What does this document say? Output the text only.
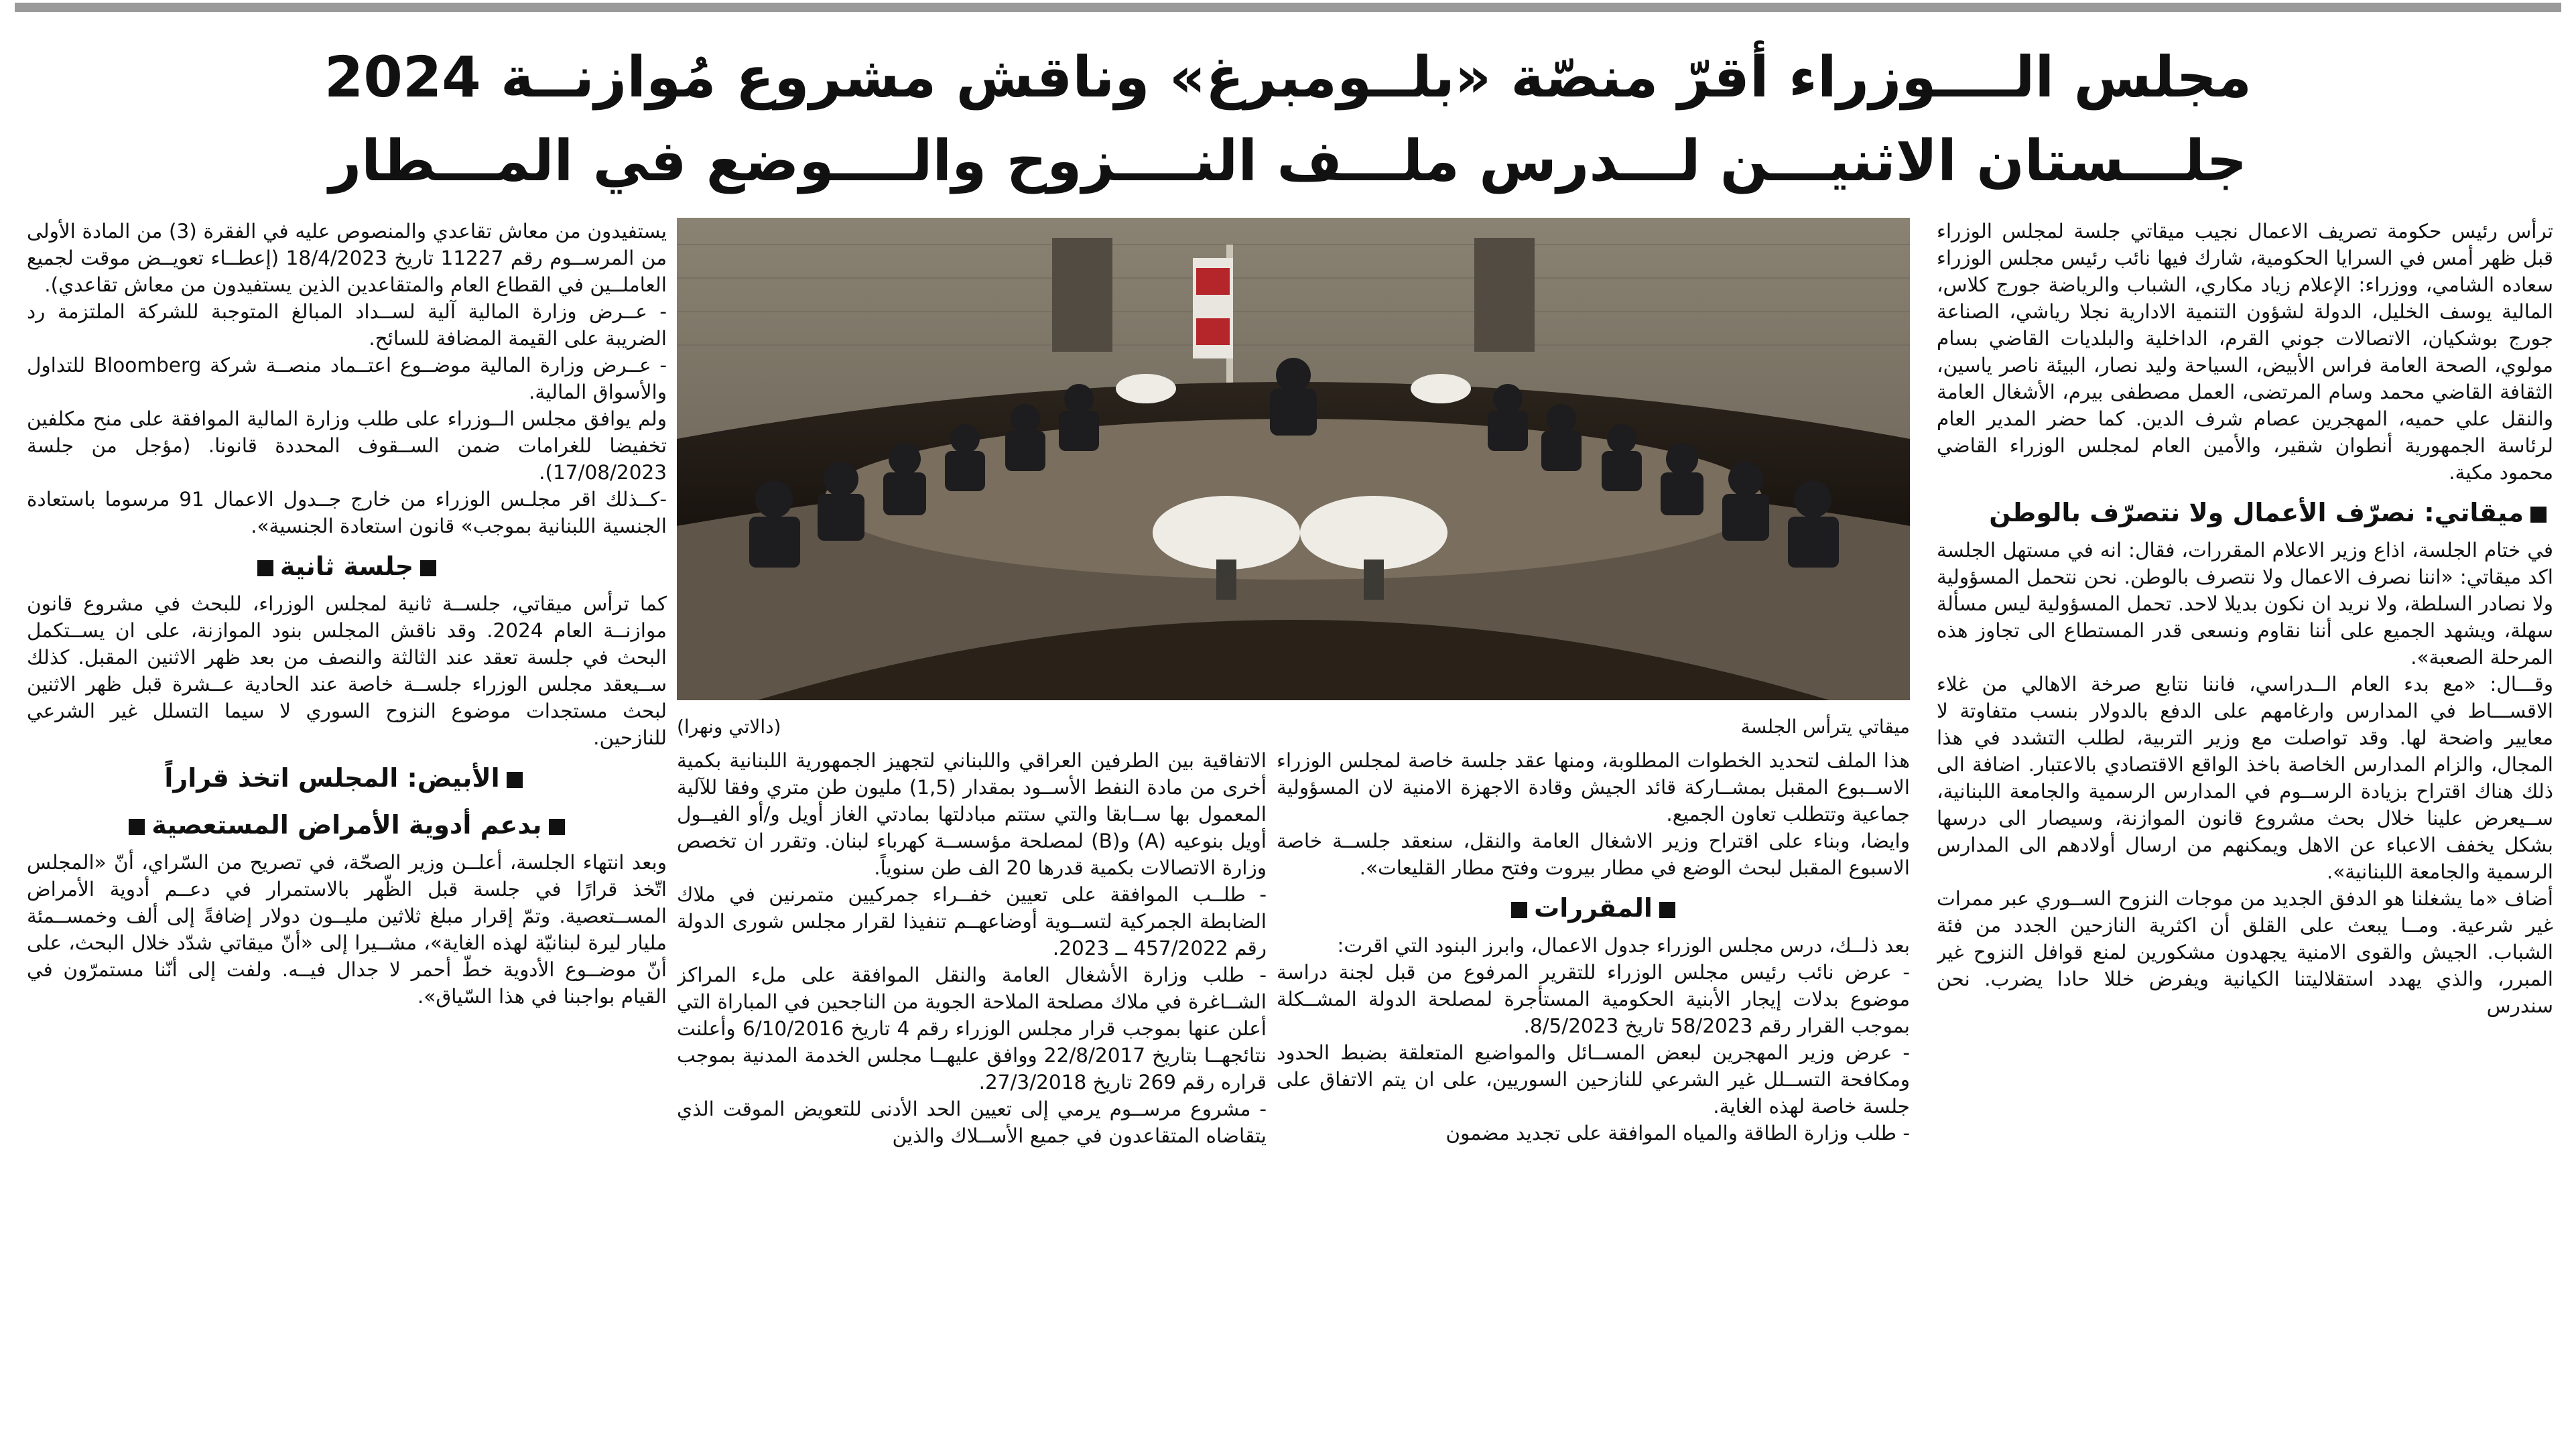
مجلس الــــوزراء أقرّ منصّة «بلــومبرغ» وناقش مشروع مُوازنــة 2024
جلـــستان الاثنيـــن لـــدرس ملـــف النــــزوح والــــوضع في المـــطار

ترأس رئيس حكومة تصريف الاعمال نجيب ميقاتي جلسة لمجلس الوزراء قبل ظهر أمس في السرايا الحكومية، شارك فيها نائب رئيس مجلس الوزراء سعاده الشامي، ووزراء: الإعلام زياد مكاري، الشباب والرياضة جورج كلاس، المالية يوسف الخليل، الدولة لشؤون التنمية الادارية نجلا رياشي، الصناعة جورج بوشكيان، الاتصالات جوني القرم، الداخلية والبلديات القاضي بسام مولوي، الصحة العامة فراس الأبيض، السياحة وليد نصار، البيئة ناصر ياسين، الثقافة القاضي محمد وسام المرتضى، العمل مصطفى بيرم، الأشغال العامة والنقل علي حميه، المهجرين عصام شرف الدين. كما حضر المدير العام لرئاسة الجمهورية أنطوان شقير، والأمين العام لمجلس الوزراء القاضي محمود مكية.

ميقاتي: نصرّف الأعمال ولا نتصرّف بالوطن

في ختام الجلسة، اذاع وزير الاعلام المقررات، فقال: انه في مستهل الجلسة اكد ميقاتي: «اننا نصرف الاعمال ولا نتصرف بالوطن. نحن نتحمل المسؤولية ولا نصادر السلطة، ولا نريد ان نكون بديلا لاحد. تحمل المسؤولية ليس مسألة سهلة، ويشهد الجميع على أننا نقاوم ونسعى قدر المستطاع الى تجاوز هذه المرحلة الصعبة».

وقـــال: «مع بدء العام الــدراسي، فاننا نتابع صرخة الاهالي من غلاء الاقســـاط في المدارس وارغامهم على الدفع بالدولار بنسب متفاوتة لا معايير واضحة لها. وقد تواصلت مع وزير التربية، لطلب التشدد في هذا المجال، والزام المدارس الخاصة باخذ الواقع الاقتصادي بالاعتبار. اضافة الى ذلك هناك اقتراح بزيادة الرســوم في المدارس الرسمية والجامعة اللبنانية، ســيعرض علينا خلال بحث مشروع قانون الموازنة، وسيصار الى درسها بشكل يخفف الاعباء عن الاهل ويمكنهم من ارسال أولادهم الى المدارس الرسمية والجامعة اللبنانية».

أضاف «ما يشغلنا هو الدفق الجديد من موجات النزوح الســوري عبر ممرات غير شرعية. ومــا يبعث على القلق أن اكثرية النازحين الجدد من فئة الشباب. الجيش والقوى الامنية يجهدون مشكورين لمنع قوافل النزوح غير المبرر، والذي يهدد استقلاليتنا الكيانية ويفرض خللا حادا يضرب. نحن سندرس

ميقاتي يترأس الجلسة
(دالاتي ونهرا)

هذا الملف لتحديد الخطوات المطلوبة، ومنها عقد جلسة خاصة لمجلس الوزراء الاســبوع المقبل بمشــاركة قائد الجيش وقادة الاجهزة الامنية لان المسؤولية جماعية وتتطلب تعاون الجميع.

وايضا، وبناء على اقتراح وزير الاشغال العامة والنقل، سنعقد جلســة خاصة الاسبوع المقبل لبحث الوضع في مطار بيروت وفتح مطار القليعات».

المقررات

بعد ذلــك، درس مجلس الوزراء جدول الاعمال، وابرز البنود التي اقرت:

- عرض نائب رئيس مجلس الوزراء للتقرير المرفوع من قبل لجنة دراسة موضوع بدلات إيجار الأبنية الحكومية المستأجرة لمصلحة الدولة المشــكلة بموجب القرار رقم 58/2023 تاريخ 8/5/2023.

- عرض وزير المهجرين لبعض المســائل والمواضيع المتعلقة بضبط الحدود ومكافحة التســلل غير الشرعي للنازحين السوريين، على ان يتم الاتفاق على جلسة خاصة لهذه الغاية.

- طلب وزارة الطاقة والمياه الموافقة على تجديد مضمون

الاتفاقية بين الطرفين العراقي واللبناني لتجهيز الجمهورية اللبنانية بكمية أخرى من مادة النفط الأســود بمقدار (1,5) مليون طن متري وفقا للآلية المعمول بها ســابقا والتي ستتم مبادلتها بمادتي الغاز أويل و/أو الفيــول أويل بنوعيه (A) و(B) لمصلحة مؤسســة كهرباء لبنان. وتقرر ان تخصص وزارة الاتصالات بكمية قدرها 20 الف طن سنوياً.

- طلــب الموافقة على تعيين خفــراء جمركيين متمرنين في ملاك الضابطة الجمركية لتســوية أوضاعهــم تنفيذا لقرار مجلس شورى الدولة رقم 457/2022 ــ 2023.

- طلب وزارة الأشغال العامة والنقل الموافقة على ملء المراكز الشــاغرة في ملاك مصلحة الملاحة الجوية من الناجحين في المباراة التي أعلن عنها بموجب قرار مجلس الوزراء رقم 4 تاريخ 6/10/2016 وأعلنت نتائجهــا بتاريخ 22/8/2017 ووافق عليهــا مجلس الخدمة المدنية بموجب قراره رقم 269 تاريخ 27/3/2018.

- مشروع مرســوم يرمي إلى تعيين الحد الأدنى للتعويض الموقت الذي يتقاضاه المتقاعدون في جميع الأســلاك والذين

يستفيدون من معاش تقاعدي والمنصوص عليه في الفقرة (3) من المادة الأولى من المرســوم رقم 11227 تاريخ 18/4/2023 (إعطــاء تعويــض موقت لجميع العاملــين في القطاع العام والمتقاعدين الذين يستفيدون من معاش تقاعدي).

- عــرض وزارة المالية آلية لســداد المبالغ المتوجبة للشركة الملتزمة رد الضريبة على القيمة المضافة للسائح.

- عــرض وزارة المالية موضــوع اعتــماد منصــة شركة Bloomberg للتداول والأسواق المالية.

ولم يوافق مجلس الــوزراء على طلب وزارة المالية الموافقة على منح مكلفين تخفيضا للغرامات ضمن الســقوف المحددة قانونا. (مؤجل من جلسة 17/08/2023).

-كــذلك اقر مجلـس الوزراء من خارج جــدول الاعمال 91 مرسوما باستعادة الجنسية اللبنانية بموجب» قانون استعادة الجنسية».

جلسة ثانية

كما ترأس ميقاتي، جلســة ثانية لمجلس الوزراء، للبحث في مشروع قانون موازنــة العام 2024. وقد ناقش المجلس بنود الموازنة، على ان يســتكمل البحث في جلسة تعقد عند الثالثة والنصف من بعد ظهر الاثنين المقبل. كذلك ســيعقد مجلس الوزراء جلســة خاصة عند الحادية عــشرة قبل ظهر الاثنين لبحث مستجدات موضوع النزوح السوري لا سيما التسلل غير الشرعي للنازحين.

الأبيض: المجلس اتخذ قراراً
بدعم أدوية الأمراض المستعصية

وبعد انتهاء الجلسة، أعلــن وزير الصحّة، في تصريح من السّراي، أنّ «المجلس اتّخذ قرارًا في جلسة قبل الظّهر بالاستمرار في دعــم أدوية الأمراض المســتعصية. وتمّ إقرار مبلغ ثلاثين مليــون دولار إضافةً إلى ألف وخمســمئة مليار ليرة لبنانيّة لهذه الغاية»، مشــيرا إلى «أنّ ميقاتي شدّد خلال البحث، على أنّ موضــوع الأدوية خطّ أحمر لا جدال فيــه. ولفت إلى أنّنا مستمرّون في القيام بواجبنا في هذا السّياق».
